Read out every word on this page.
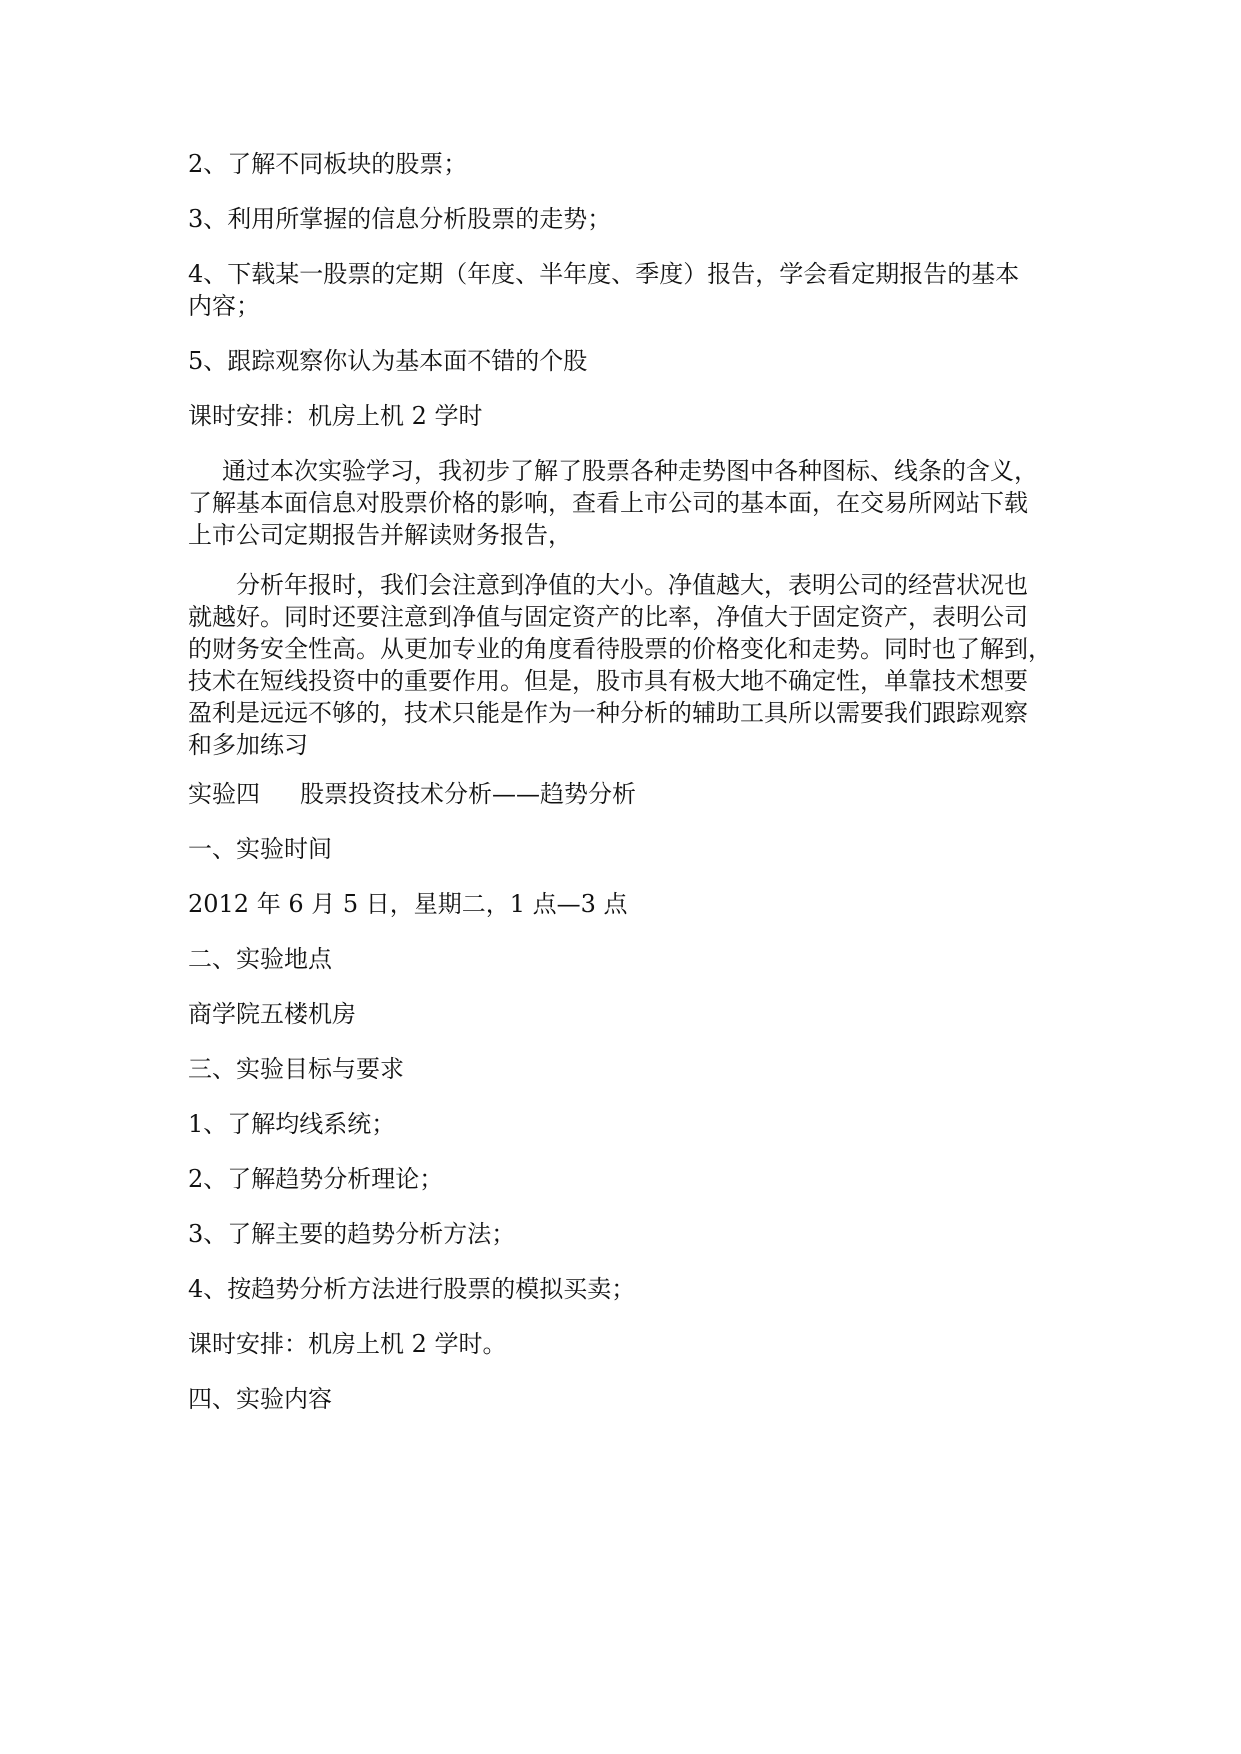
2、了解不同板块的股票；
3、利用所掌握的信息分析股票的走势；
4、下载某一股票的定期（年度、半年度、季度）报告，学会看定期报告的基本
内容；
5、跟踪观察你认为基本面不错的个股
课时安排：机房上机 2 学时
通过本次实验学习，我初步了解了股票各种走势图中各种图标、线条的含义，
了解基本面信息对股票价格的影响，查看上市公司的基本面，在交易所网站下载
上市公司定期报告并解读财务报告，
分析年报时，我们会注意到净值的大小。净值越大，表明公司的经营状况也
就越好。同时还要注意到净值与固定资产的比率，净值大于固定资产，表明公司
的财务安全性高。从更加专业的角度看待股票的价格变化和走势。同时也了解到，
技术在短线投资中的重要作用。但是，股市具有极大地不确定性，单靠技术想要
盈利是远远不够的，技术只能是作为一种分析的辅助工具所以需要我们跟踪观察
和多加练习
实验四 股票投资技术分析——趋势分析
一、实验时间
2012 年 6 月 5 日，星期二，1 点—3 点
二、实验地点
商学院五楼机房
三、实验目标与要求
1、了解均线系统；
2、了解趋势分析理论；
3、了解主要的趋势分析方法；
4、按趋势分析方法进行股票的模拟买卖；
课时安排：机房上机 2 学时。
四、实验内容
